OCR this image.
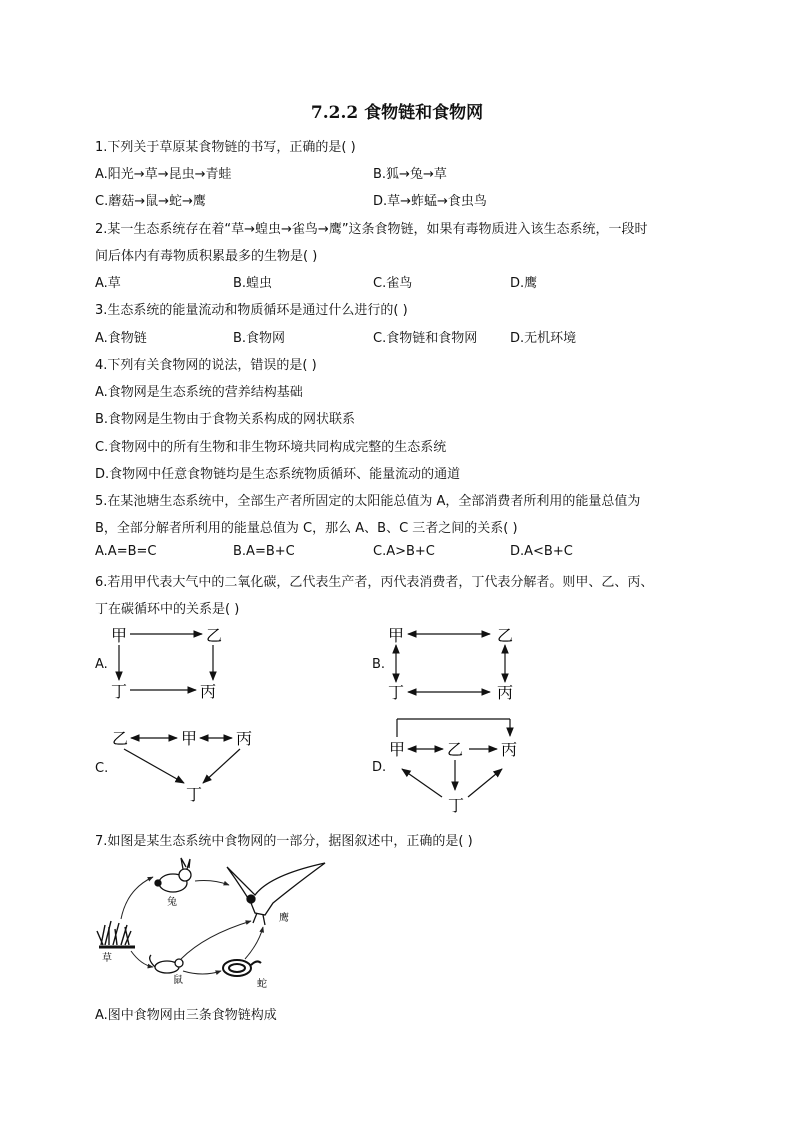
7.2.2 食物链和食物网
1.下列关于草原某食物链的书写，正确的是( )
A.阳光→草→昆虫→青蛙	B.狐→兔→草
C.蘑菇→鼠→蛇→鹰	D.草→蚱蜢→食虫鸟
2.某一生态系统存在着“草→蝗虫→雀鸟→鹰”这条食物链，如果有毒物质进入该生态系统，一段时
间后体内有毒物质积累最多的生物是( )
A.草	B.蝗虫	C.雀鸟	D.鹰
3.生态系统的能量流动和物质循环是通过什么进行的( )
A.食物链	B.食物网	C.食物链和食物网	D.无机环境
4.下列有关食物网的说法，错误的是( )
A.食物网是生态系统的营养结构基础
B.食物网是生物由于食物关系构成的网状联系
C.食物网中的所有生物和非生物环境共同构成完整的生态系统
D.食物网中任意食物链均是生态系统物质循环、能量流动的通道
5.在某池塘生态系统中，全部生产者所固定的太阳能总值为 A，全部消费者所利用的能量总值为
B，全部分解者所利用的能量总值为 C，那么 A、B、C 三者之间的关系( )
A.A=B=C	B.A=B+C	C.A>B+C	D.A<B+C
6.若用甲代表大气中的二氧化碳，乙代表生产者，丙代表消费者，丁代表分解者。则甲、乙、丙、
丁在碳循环中的关系是( )
A.	B.
C.	D.
甲	乙
丁	丙
甲	乙
丁	丙
乙	甲 丙
丁
甲	乙 丙
丁
7.如图是某生态系统中食物网的一部分，据图叙述中，正确的是( )
草
兔
鹰
鼠	蛇
A.图中食物网由三条食物链构成
